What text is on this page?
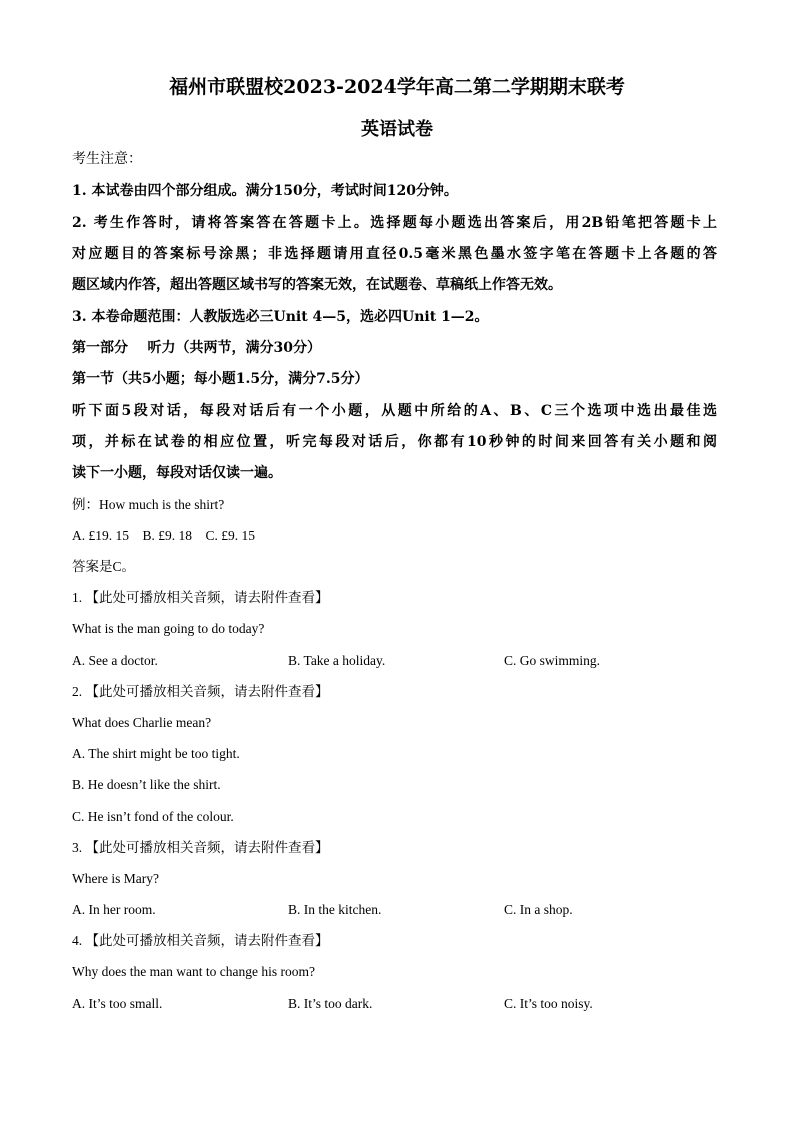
福州市联盟校2023-2024学年高二第二学期期末联考
英语试卷
考生注意：
1. 本试卷由四个部分组成。满分150分，考试时间120分钟。
2. 考生作答时，请将答案答在答题卡上。选择题每小题选出答案后，用2B铅笔把答题卡上
对应题目的答案标号涂黑；非选择题请用直径0.5毫米黑色墨水签字笔在答题卡上各题的答
题区域内作答，超出答题区域书写的答案无效，在试题卷、草稿纸上作答无效。
3. 本卷命题范围：人教版选必三Unit 4—5，选必四Unit 1—2。
第一部分    听力（共两节，满分30分）
第一节（共5小题；每小题1.5分，满分7.5分）
听下面5段对话，每段对话后有一个小题，从题中所给的A、B、C三个选项中选出最佳选
项，并标在试卷的相应位置，听完每段对话后，你都有10秒钟的时间来回答有关小题和阅
读下一小题，每段对话仅读一遍。
例：How much is the shirt?
A. £19. 15    B. £9. 18    C. £9. 15
答案是C。
1. 【此处可播放相关音频，请去附件查看】
What is the man going to do today?
A. See a doctor.	B. Take a holiday.	C. Go swimming.
2. 【此处可播放相关音频，请去附件查看】
What does Charlie mean?
A. The shirt might be too tight.
B. He doesn’t like the shirt.
C. He isn’t fond of the colour.
3. 【此处可播放相关音频，请去附件查看】
Where is Mary?
A. In her room.	B. In the kitchen.	C. In a shop.
4. 【此处可播放相关音频，请去附件查看】
Why does the man want to change his room?
A. It’s too small.	B. It’s too dark.	C. It’s too noisy.
